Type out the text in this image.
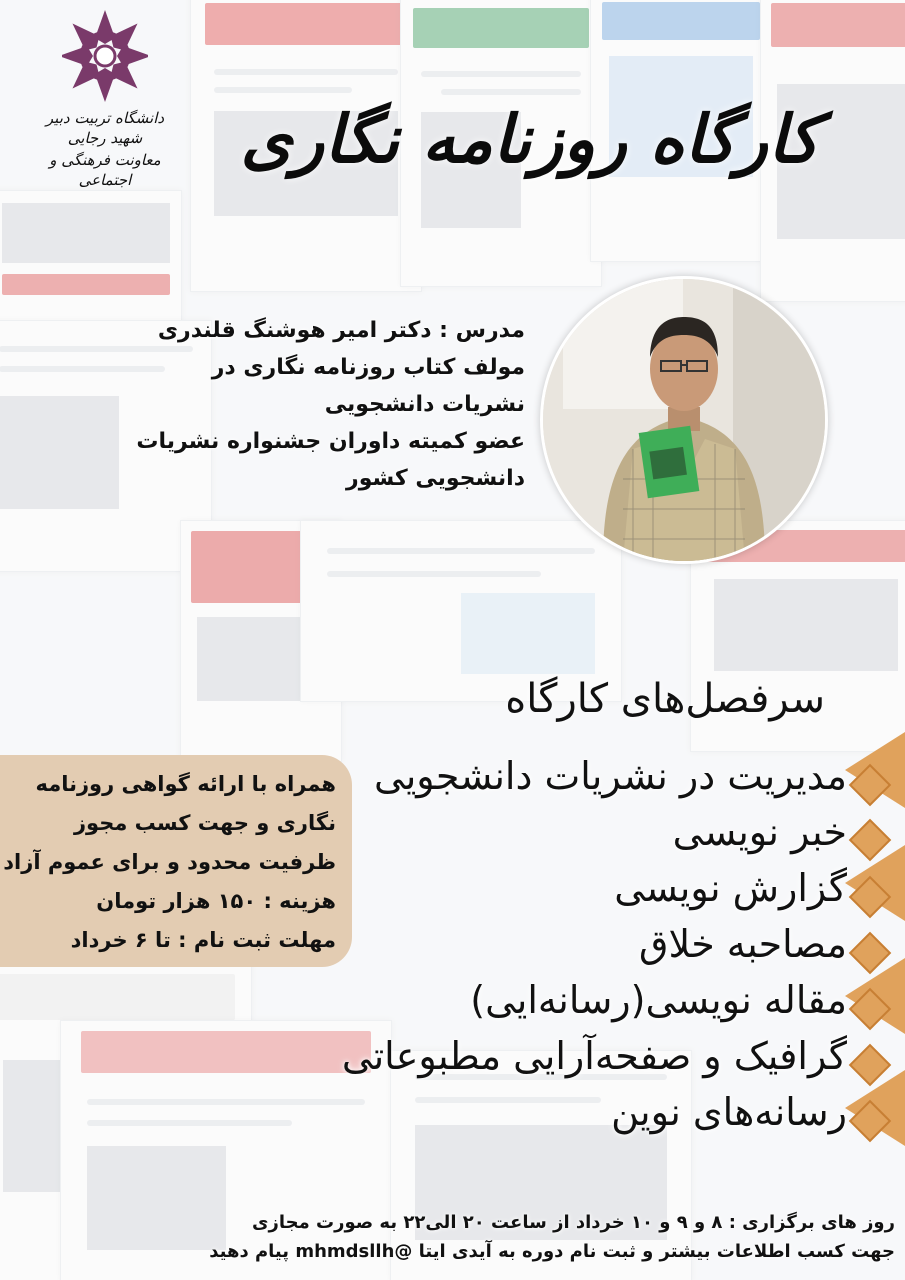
دانشگاه تربیت دبیر شهید رجایی
معاونت فرهنگی و اجتماعی
کارگاه روزنامه نگاری
مدرس : دکتر امیر هوشنگ قلندری
مولف کتاب روزنامه نگاری در
نشریات دانشجویی
عضو کمیته داوران جشنواره نشریات
دانشجویی کشور
سرفصل‌های کارگاه
مدیریت در نشریات دانشجویی
خبر نویسی
گزارش نویسی
مصاحبه خلاق
مقاله نویسی(رسانه‌ایی)
گرافیک و صفحه‌آرایی مطبوعاتی
رسانه‌های نوین
همراه با ارائه گواهی روزنامه
نگاری و جهت کسب مجوز
ظرفیت محدود و برای عموم آزاد
هزینه : ۱۵۰ هزار تومان
مهلت ثبت نام : تا ۶ خرداد
روز های برگزاری : ۸ و ۹ و ۱۰ خرداد از ساعت ۲۰ الی۲۲ به صورت مجازی
جهت کسب اطلاعات بیشتر و ثبت نام دوره به آیدی ایتا @mhmdsllh پیام دهید
